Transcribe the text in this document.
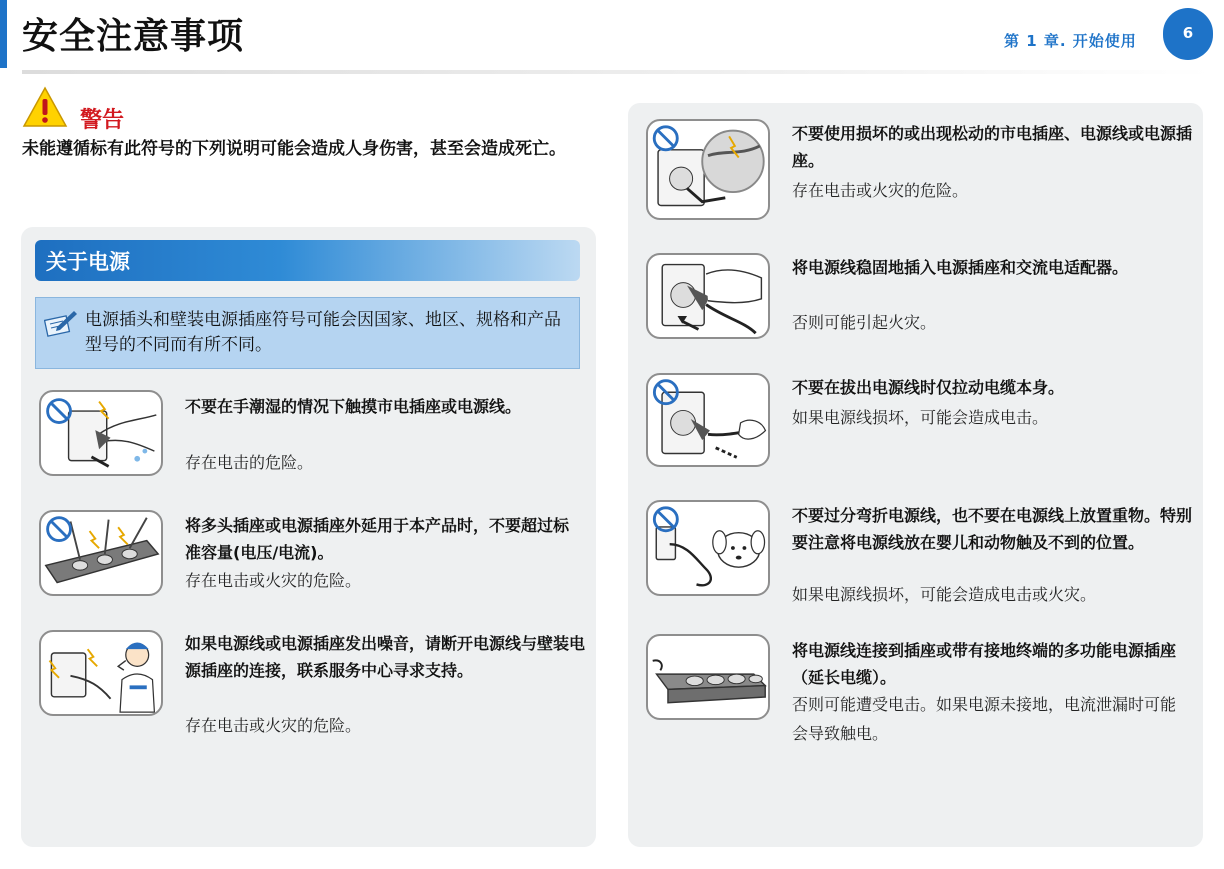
安全注意事项	第 1 章. 开始使用	6
警告
未能遵循标有此符号的下列说明可能会造成人身伤害，甚至会造成死亡。
关于电源
电源插头和壁装电源插座符号可能会因国家、地区、规格和产品型号的不同而有所不同。
不要在手潮湿的情况下触摸市电插座或电源线。
存在电击的危险。
将多头插座或电源插座外延用于本产品时，不要超过标准容量(电压/电流)。
存在电击或火灾的危险。
如果电源线或电源插座发出噪音，请断开电源线与壁装电源插座的连接，联系服务中心寻求支持。
存在电击或火灾的危险。
不要使用损坏的或出现松动的市电插座、电源线或电源插座。
存在电击或火灾的危险。
将电源线稳固地插入电源插座和交流电适配器。
否则可能引起火灾。
不要在拔出电源线时仅拉动电缆本身。
如果电源线损坏，可能会造成电击。
不要过分弯折电源线，也不要在电源线上放置重物。特别要注意将电源线放在婴儿和动物触及不到的位置。
如果电源线损坏，可能会造成电击或火灾。
将电源线连接到插座或带有接地终端的多功能电源插座（延长电缆）。
否则可能遭受电击。如果电源未接地，电流泄漏时可能会导致触电。
